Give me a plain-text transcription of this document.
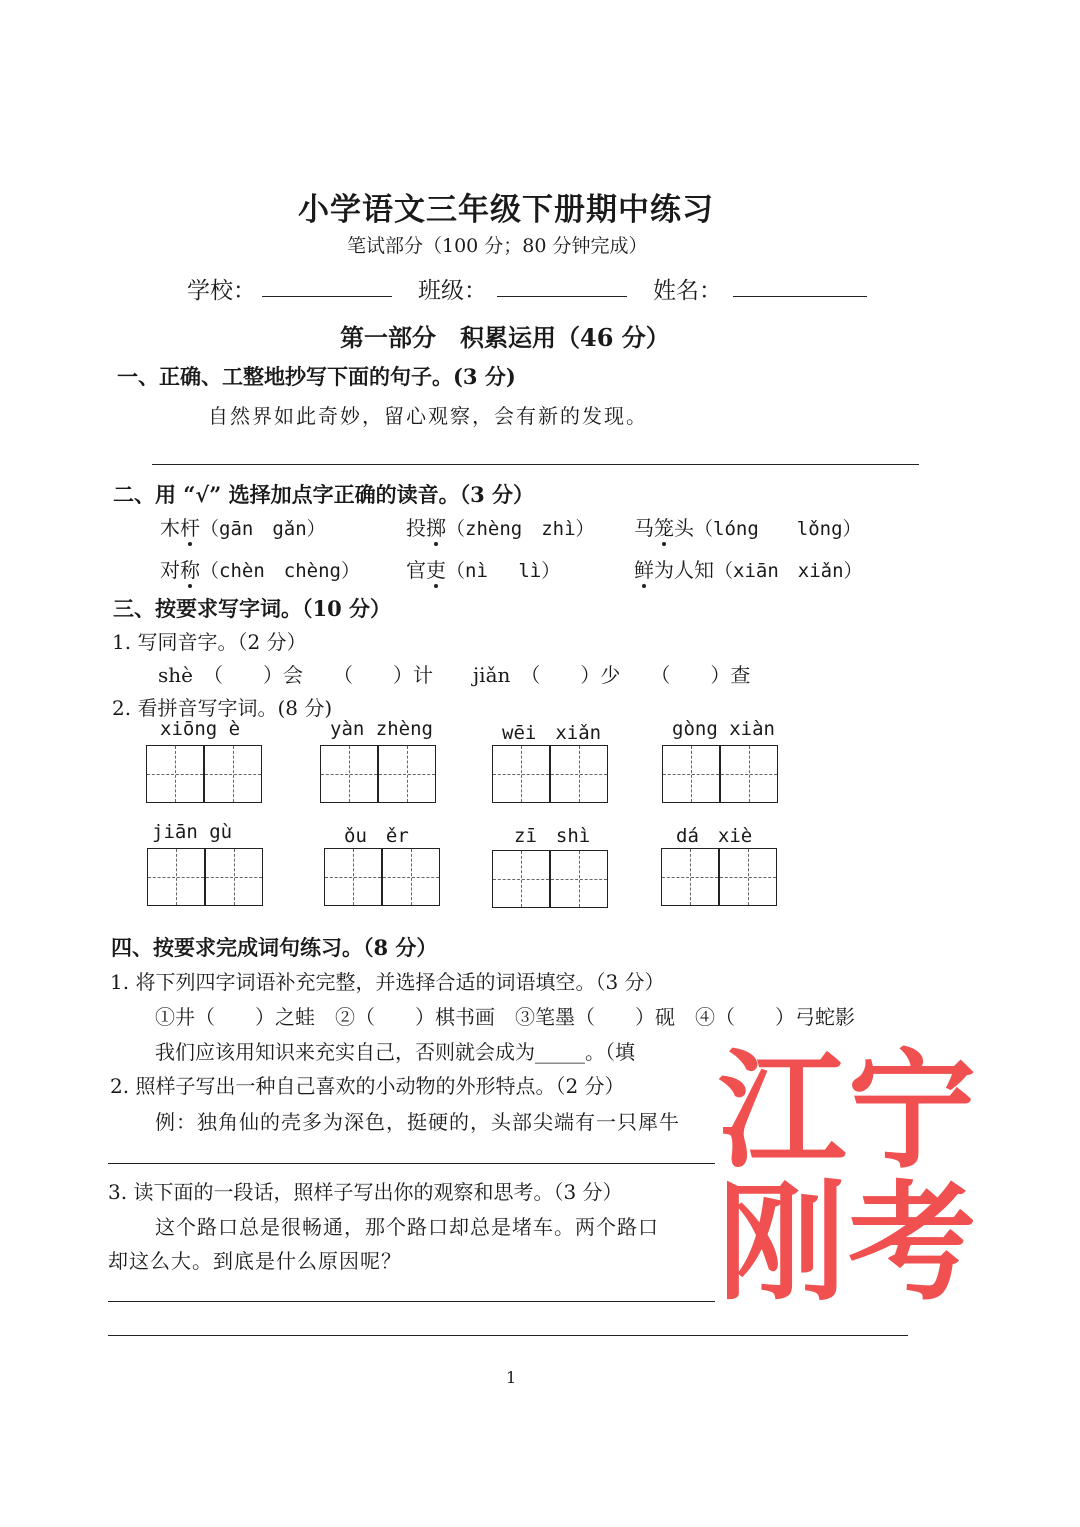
小学语文三年级下册期中练习
笔试部分（100 分；80 分钟完成）
学校：	班级：	姓名：
第一部分　积累运用（46 分）
一、正确、工整地抄写下面的句子。(3 分)
自然界如此奇妙，留心观察，会有新的发现。
二、用 “√” 选择加点字正确的读音。（3 分）
木杆（gān　gǎn）	投掷（zhèng　zhì） 马笼头（lóng　　lǒng）
对称（chèn　chèng） 官吏（nì　 lì）	鲜为人知（xiān　xiǎn）
三、按要求写字词。（10 分）
1. 写同音字。（2 分）
shè　（　　）会　　（　　）计　　jiǎn　（　　）少　　（　　）查
2. 看拼音写字词。(8 分)
xiōng è	yàn zhèng	wēi　xiǎn	gòng xiàn
jiān gù	ǒu　ěr	zī　shì	dá　xiè
四、按要求完成词句练习。（8 分）
1. 将下列四字词语补充完整，并选择合适的词语填空。（3 分）
①井（　　）之蛙　②（　　）棋书画　③笔墨（　　）砚　④（　　）弓蛇影
我们应该用知识来充实自己，否则就会成为_____。（填
2. 照样子写出一种自己喜欢的小动物的外形特点。（2 分）
例：独角仙的壳多为深色，挺硬的，头部尖端有一只犀牛
3. 读下面的一段话，照样子写出你的观察和思考。（3 分）
这个路口总是很畅通，那个路口却总是堵车。两个路口
却这么大。到底是什么原因呢？
1
江宁
刚考
